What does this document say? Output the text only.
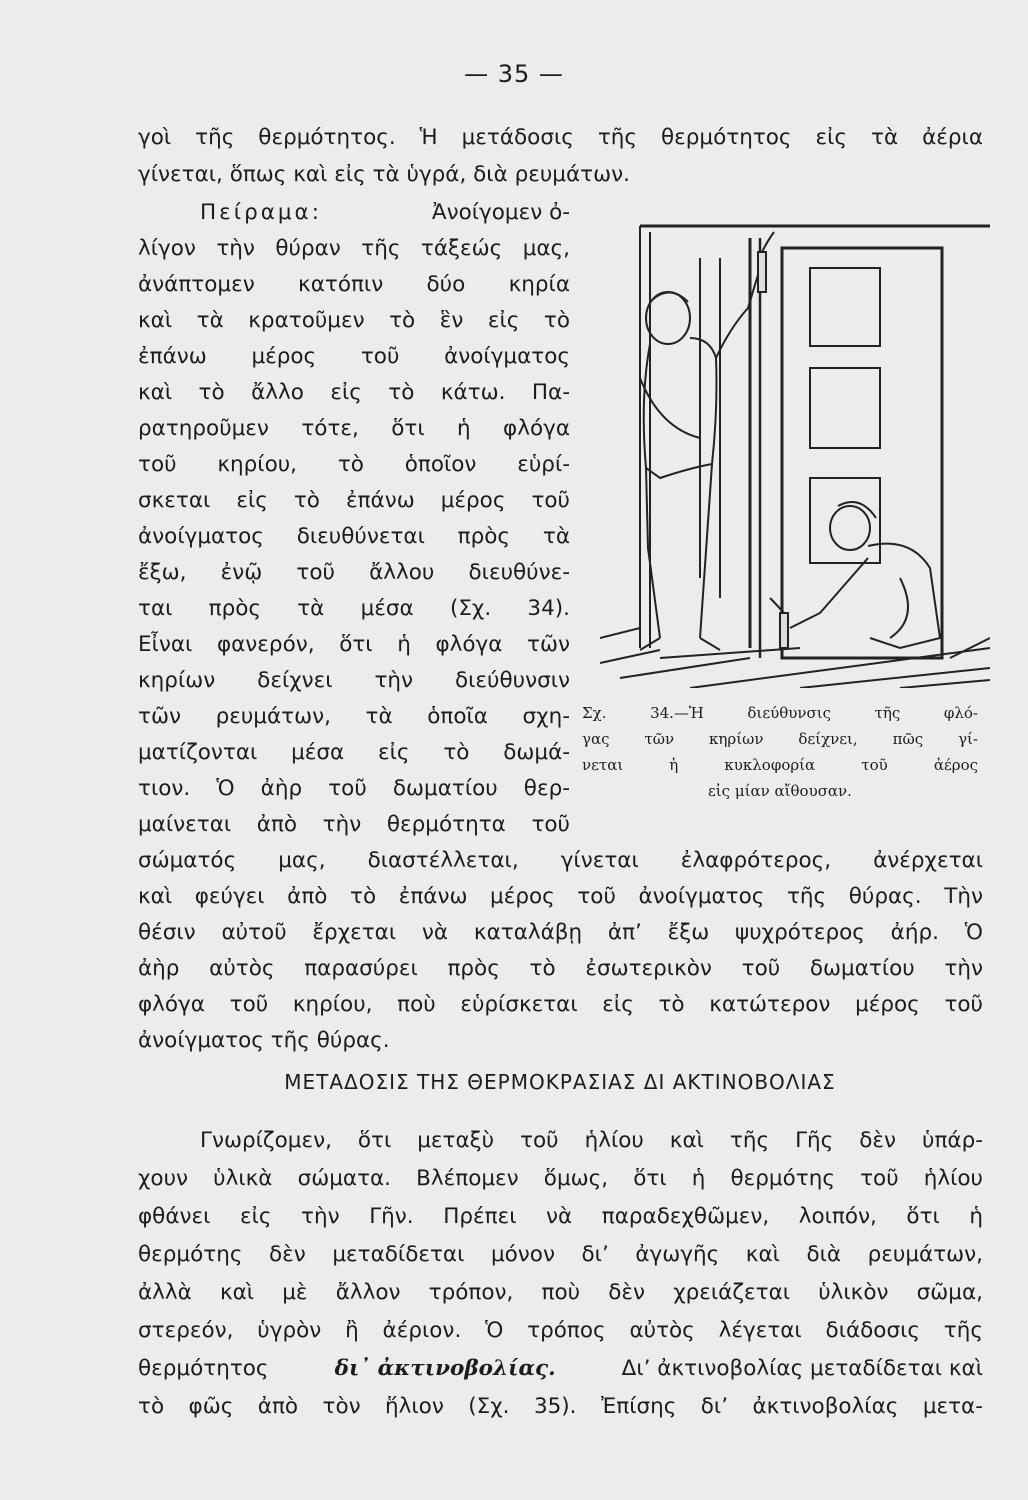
— 35 —
γοὶ τῆς θερμότητος. Ἡ μετάδοσις τῆς θερμότητος εἰς τὰ ἀέρια
γίνεται, ὅπως καὶ εἰς τὰ ὑγρά, διὰ ρευμάτων.
Πείραμα:	Ἀνοίγομεν ὀ-
λίγον τὴν θύραν τῆς τάξεώς μας,
ἀνάπτομεν κατόπιν δύο κηρία
καὶ τὰ κρατοῦμεν τὸ ἓν εἰς τὸ
ἐπάνω μέρος τοῦ ἀνοίγματος
καὶ τὸ ἄλλο εἰς τὸ κάτω. Πα-
ρατηροῦμεν τότε, ὅτι ἡ φλόγα
τοῦ κηρίου, τὸ ὁποῖον εὑρί-
σκεται εἰς τὸ ἐπάνω μέρος τοῦ
ἀνοίγματος διευθύνεται πρὸς τὰ
ἔξω, ἐνῷ τοῦ ἄλλου διευθύνε-
ται πρὸς τὰ μέσα (Σχ. 34).
Εἶναι φανερόν, ὅτι ἡ φλόγα τῶν
κηρίων δείχνει τὴν διεύθυνσιν
τῶν ρευμάτων, τὰ ὁποῖα σχη-
ματίζονται μέσα εἰς τὸ δωμά-
τιον. Ὁ ἀὴρ τοῦ δωματίου θερ-
μαίνεται ἀπὸ τὴν θερμότητα τοῦ
σώματός μας, διαστέλλεται, γίνεται ἐλαφρότερος, ἀνέρχεται
καὶ φεύγει ἀπὸ τὸ ἐπάνω μέρος τοῦ ἀνοίγματος τῆς θύρας. Τὴν
θέσιν αὐτοῦ ἔρχεται νὰ καταλάβῃ ἀπ’ ἔξω ψυχρότερος ἀήρ. Ὁ
ἀὴρ αὐτὸς παρασύρει πρὸς τὸ ἐσωτερικὸν τοῦ δωματίου τὴν
φλόγα τοῦ κηρίου, ποὺ εὑρίσκεται εἰς τὸ κατώτερον μέρος τοῦ
ἀνοίγματος τῆς θύρας.
Σχ. 34.—Ἡ διεύθυνσις τῆς φλό-
γας τῶν κηρίων δείχνει, πῶς γί-
νεται ἡ κυκλοφορία τοῦ ἀέρος
εἰς μίαν αἴθουσαν.
ΜΕΤΑΔΟΣΙΣ ΤΗΣ ΘΕΡΜΟΚΡΑΣΙΑΣ ΔΙ ΑΚΤΙΝΟΒΟΛΙΑΣ
Γνωρίζομεν, ὅτι μεταξὺ τοῦ ἡλίου καὶ τῆς Γῆς δὲν ὑπάρ-
χουν ὑλικὰ σώματα. Βλέπομεν ὅμως, ὅτι ἡ θερμότης τοῦ ἡλίου
φθάνει εἰς τὴν Γῆν. Πρέπει νὰ παραδεχθῶμεν, λοιπόν, ὅτι ἡ
θερμότης δὲν μεταδίδεται μόνον δι’ ἀγωγῆς καὶ διὰ ρευμάτων,
ἀλλὰ καὶ μὲ ἄλλον τρόπον, ποὺ δὲν χρειάζεται ὑλικὸν σῶμα,
στερεόν, ὑγρὸν ἢ ἀέριον. Ὁ τρόπος αὐτὸς λέγεται διάδοσις τῆς
θερμότητος	δι᾿ ἀκτινοβολίας.	Δι’ ἀκτινοβολίας μεταδίδεται καὶ
τὸ φῶς ἀπὸ τὸν ἥλιον (Σχ. 35). Ἐπίσης δι’ ἀκτινοβολίας μετα-
